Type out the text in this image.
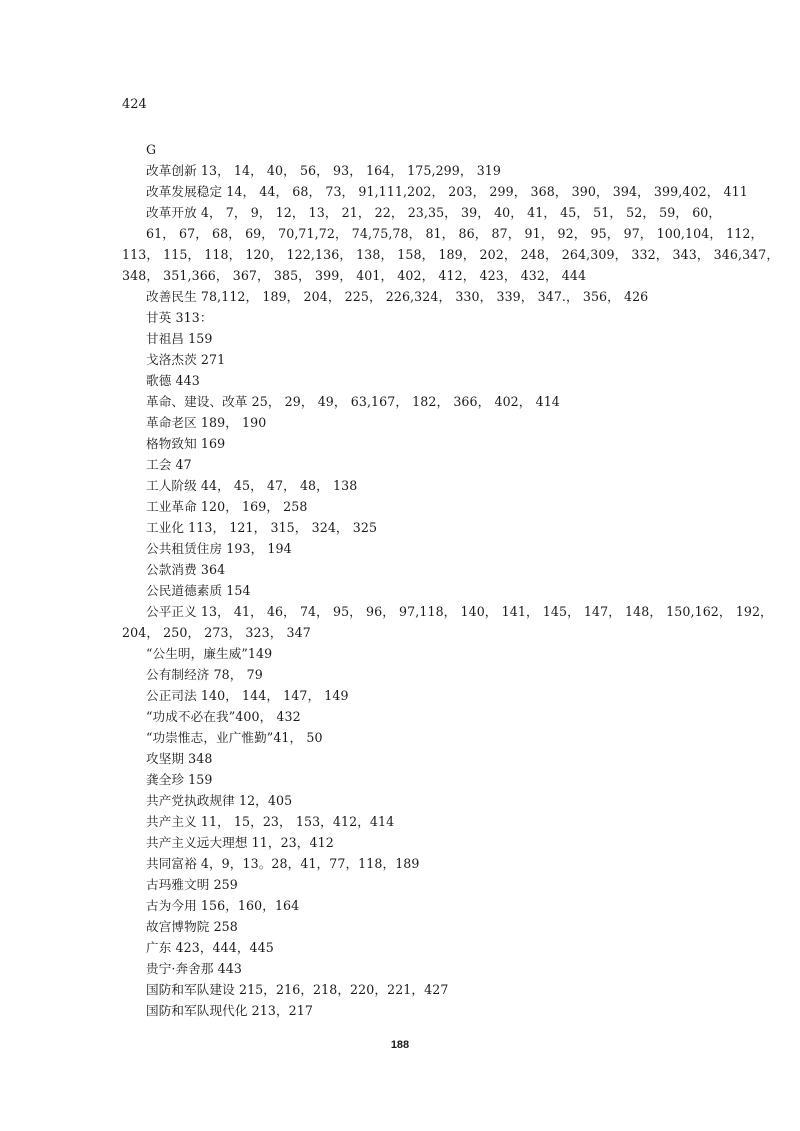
424
G
改革创新 13， 14， 40， 56， 93， 164， 175,299， 319
改革发展稳定 14， 44， 68， 73， 91,111,202， 203， 299， 368， 390， 394， 399,402， 411
改革开放 4， 7， 9， 12， 13， 21， 22， 23,35， 39， 40， 41， 45， 51， 52， 59， 60，
61， 67， 68， 69， 70,71,72， 74,75,78， 81， 86， 87， 91， 92， 95， 97， 100,104， 112，
113， 115， 118， 120， 122,136， 138， 158， 189， 202， 248， 264,309， 332， 343， 346,347，
348， 351,366， 367， 385， 399， 401， 402， 412， 423， 432， 444
改善民生 78,112， 189， 204， 225， 226,324， 330， 339， 347.， 356， 426
甘英 313：
甘祖昌 159
戈洛杰茨 271
歌德 443
革命、建设、改革 25， 29， 49， 63,167， 182， 366， 402， 414
革命老区 189， 190
格物致知 169
工会 47
工人阶级 44， 45， 47， 48， 138
工业革命 120， 169， 258
工业化 113， 121， 315， 324， 325
公共租赁住房 193， 194
公款消费 364
公民道德素质 154
公平正义 13， 41， 46， 74， 95， 96， 97,118， 140， 141， 145， 147， 148， 150,162， 192，
204， 250， 273， 323， 347
“公生明，廉生威”149
公有制经济 78， 79
公正司法 140， 144， 147， 149
“功成不必在我”400， 432
“功崇惟志，业广惟勤”41， 50
攻坚期 348
龚全珍 159
共产党执政规律 12，405
共产主义 11， 15，23， 153，412，414
共产主义远大理想 11，23，412
共同富裕 4，9，13。28，41，77，118，189
古玛雅文明 259
古为今用 156，160，164
故宫博物院 258
广东 423，444，445
贵宁·奔舍那 443
国防和军队建设 215，216，218，220，221，427
国防和军队现代化 213，217
188
